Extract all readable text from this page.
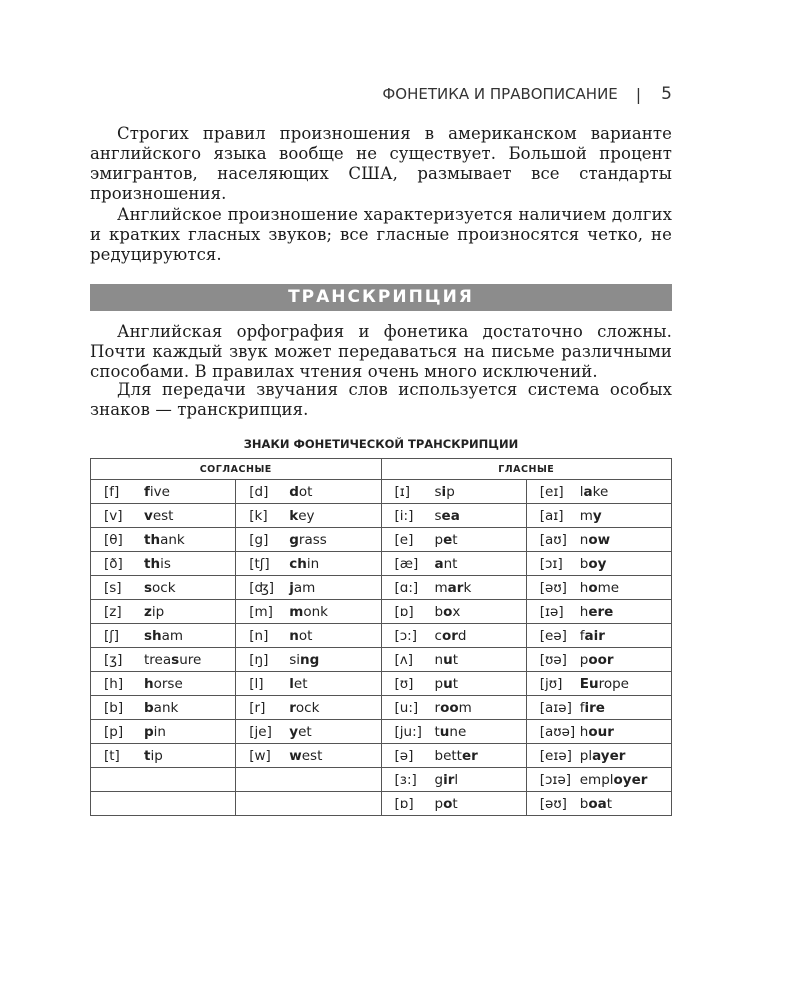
ФОНЕТИКА И ПРАВОПИСАНИЕ | 5

Строгих правил произношения в американском варианте английского языка вообще не существует. Большой процент эмигрантов, населяющих США, размывает все стандарты произношения.

Английское произношение характеризуется наличием долгих и кратких гласных звуков; все гласные произносятся четко, не редуцируются.

ТРАНСКРИПЦИЯ

Английская орфография и фонетика достаточно сложны. Почти каждый звук может передаваться на письме различными способами. В правилах чтения очень много исключений.

Для передачи звучания слов используется система особых знаков — транскрипция.

ЗНАКИ ФОНЕТИЧЕСКОЙ ТРАНСКРИПЦИИ
СОГЛАСНЫЕ		ГЛАСНЫЕ	
[f] five	[d] dot	[ɪ] sip	[eɪ] lake
[v] vest	[k] key	[i:] sea	[aɪ] my
[θ] thank	[g] grass	[e] pet	[aʊ] now
[ð] this	[tʃ] chin	[æ] ant	[ɔɪ] boy
[s] sock	[ʤ] jam	[ɑ:] mark	[əʊ] home
[z] zip	[m] monk	[ɒ] box	[ɪə] here
[ʃ] sham	[n] not	[ɔ:] cord	[eə] fair
[ʒ] treasure	[ŋ] sing	[ʌ] nut	[ʊə] poor
[h] horse	[l] let	[ʊ] put	[jʊ] Europe
[b] bank	[r] rock	[u:] room	[aɪə] fire
[p] pin	[je] yet	[ju:] tune	[aʊə] hour
[t] tip	[w] west	[ə] better	[eɪə] player
		[ɜ:] girl	[ɔɪə] employer
		[ɒ] pot	[əʊ] boat
